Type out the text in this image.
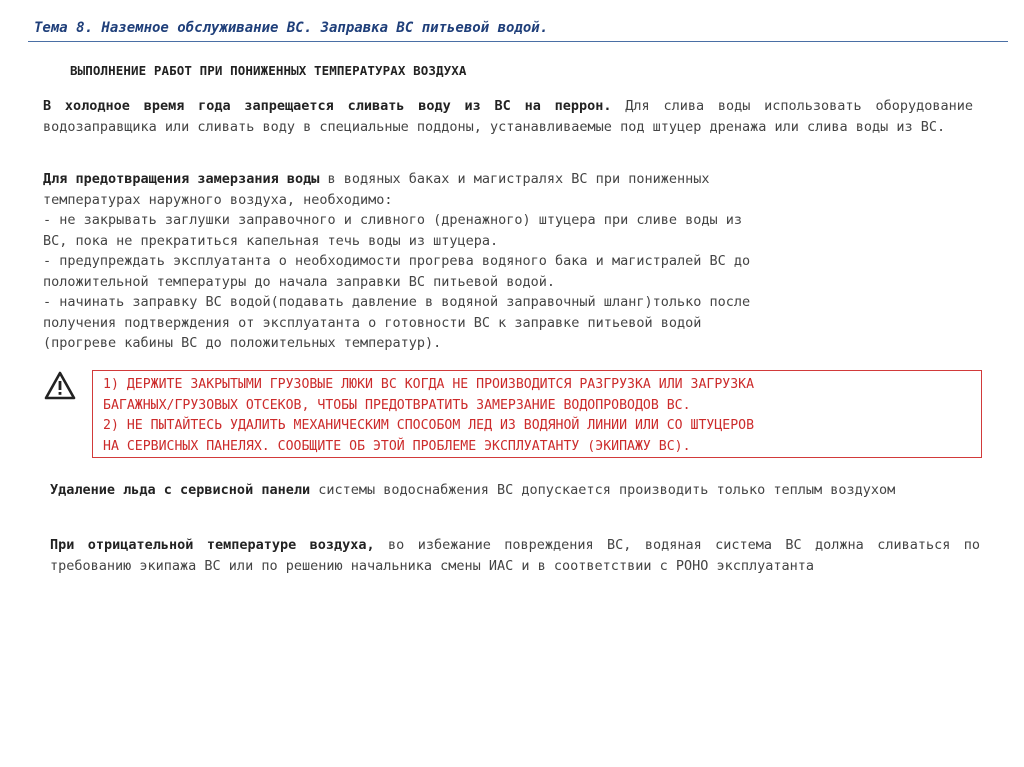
Тема 8. Наземное обслуживание ВС. Заправка ВС питьевой водой.
ВЫПОЛНЕНИЕ РАБОТ ПРИ ПОНИЖЕННЫХ ТЕМПЕРАТУРАХ ВОЗДУХА
В холодное время года запрещается сливать воду из ВС на перрон. Для слива воды использовать оборудование водозаправщика или сливать воду в специальные поддоны, устанавливаемые под штуцер дренажа или слива воды из ВС.
Для предотвращения замерзания воды в водяных баках и магистралях ВС при пониженных
температурах наружного воздуха, необходимо:
- не закрывать заглушки заправочного и сливного (дренажного) штуцера при сливе воды из
ВС, пока не прекратиться капельная течь воды из штуцера.
- предупреждать эксплуатанта о необходимости прогрева водяного бака и магистралей ВС до
положительной температуры до начала заправки ВС питьевой водой.
- начинать заправку ВС водой(подавать давление в водяной заправочный шланг)только после
получения подтверждения от эксплуатанта о готовности ВС к заправке питьевой водой
(прогреве кабины ВС до положительных температур).
1) ДЕРЖИТЕ ЗАКРЫТЫМИ ГРУЗОВЫЕ ЛЮКИ ВС КОГДА НЕ ПРОИЗВОДИТСЯ РАЗГРУЗКА ИЛИ ЗАГРУЗКА
БАГАЖНЫХ/ГРУЗОВЫХ ОТСЕКОВ, ЧТОБЫ ПРЕДОТВРАТИТЬ ЗАМЕРЗАНИЕ ВОДОПРОВОДОВ ВС.
2) НЕ ПЫТАЙТЕСЬ УДАЛИТЬ МЕХАНИЧЕСКИМ СПОСОБОМ ЛЕД ИЗ ВОДЯНОЙ ЛИНИИ ИЛИ СО ШТУЦЕРОВ
НА СЕРВИСНЫХ ПАНЕЛЯХ. СООБЩИТЕ ОБ ЭТОЙ ПРОБЛЕМЕ ЭКСПЛУАТАНТУ (ЭКИПАЖУ ВС).
Удаление льда с сервисной панели системы водоснабжения ВС допускается производить только теплым воздухом
При отрицательной температуре воздуха, во избежание повреждения ВС, водяная система ВС должна сливаться по требованию экипажа ВС или по решению начальника смены ИАС и в соответствии с РОНО эксплуатанта
